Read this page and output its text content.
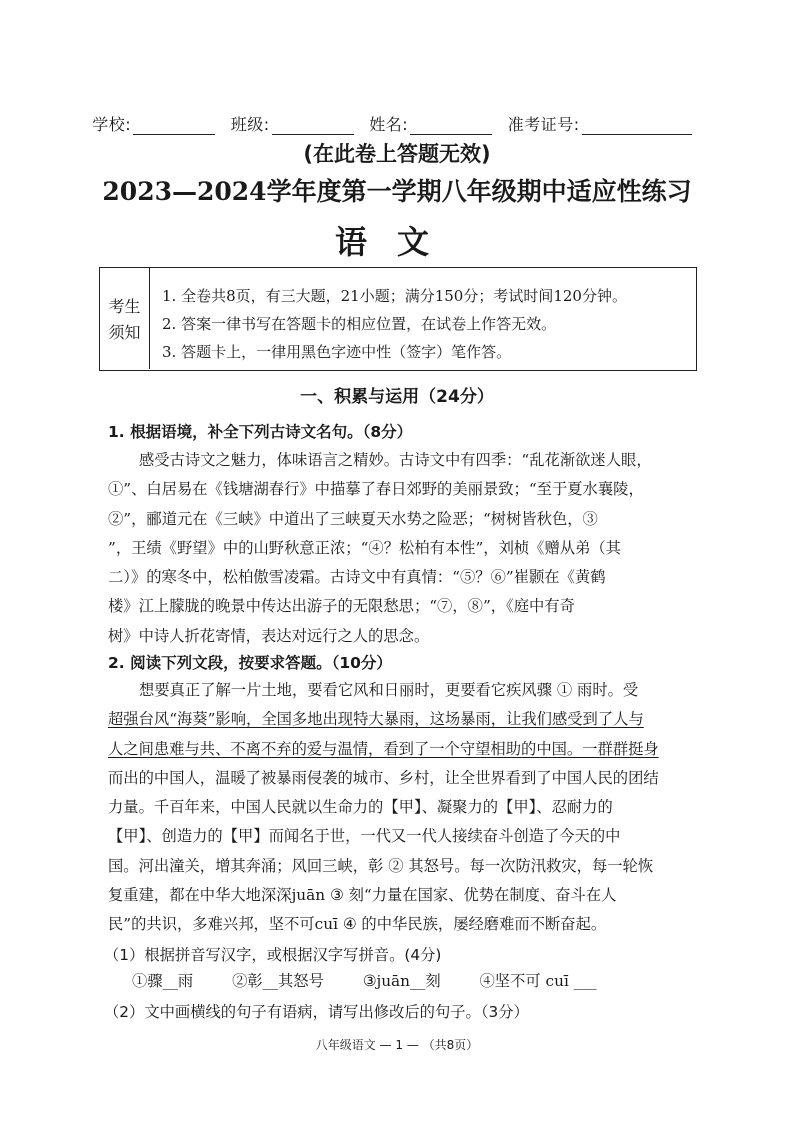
学校:	班级:	姓名:	准考证号:
(在此卷上答题无效)
2023—2024学年度第一学期八年级期中适应性练习
语文
考生
须知
1. 全卷共8页，有三大题，21小题；满分150分；考试时间120分钟。
2. 答案一律书写在答题卡的相应位置，在试卷上作答无效。
3. 答题卡上，一律用黑色字迹中性（签字）笔作答。
一、积累与运用（24分）
1. 根据语境，补全下列古诗文名句。（8分）
感受古诗文之魅力，体味语言之精妙。古诗文中有四季：“乱花渐欲迷人眼，
①”、白居易在《钱塘湖春行》中描摹了春日郊野的美丽景致；“至于夏水襄陵，
②”，郦道元在《三峡》中道出了三峡夏天水势之险恶；“树树皆秋色，③
”，王绩《野望》中的山野秋意正浓；“④？松柏有本性”，刘桢《赠从弟（其
二）》的寒冬中，松柏傲雪凌霜。古诗文中有真情：“⑤？⑥”崔颢在《黄鹤
楼》江上朦胧的晚景中传达出游子的无限愁思；“⑦，⑧”，《庭中有奇
树》中诗人折花寄情，表达对远行之人的思念。
2. 阅读下列文段，按要求答题。（10分）
想要真正了解一片土地，要看它风和日丽时，更要看它疾风骤 ① 雨时。受
超强台风“海葵”影响，全国多地出现特大暴雨，这场暴雨，让我们感受到了人与
人之间患难与共、不离不弃的爱与温情，看到了一个守望相助的中国。一群群挺身
而出的中国人，温暖了被暴雨侵袭的城市、乡村，让全世界看到了中国人民的团结
力量。千百年来，中国人民就以生命力的【甲】、凝聚力的【甲】、忍耐力的
【甲】、创造力的【甲】而闻名于世，一代又一代人接续奋斗创造了今天的中
国。河出潼关，增其奔涌；风回三峡，彰 ② 其怒号。每一次防汛救灾，每一轮恢
复重建，都在中华大地深深juān ③ 刻“力量在国家、优势在制度、奋斗在人
民”的共识，多难兴邦，坚不可cuī ④ 的中华民族，屡经磨难而不断奋起。
（1）根据拼音写汉字，或根据汉字写拼音。(4分)
①骤__雨	②彰__其怒号	③juān__刻	④坚不可 cuī ___
（2）文中画横线的句子有语病，请写出修改后的句子。（3分）
八年级语文 — 1 — （共8页）
